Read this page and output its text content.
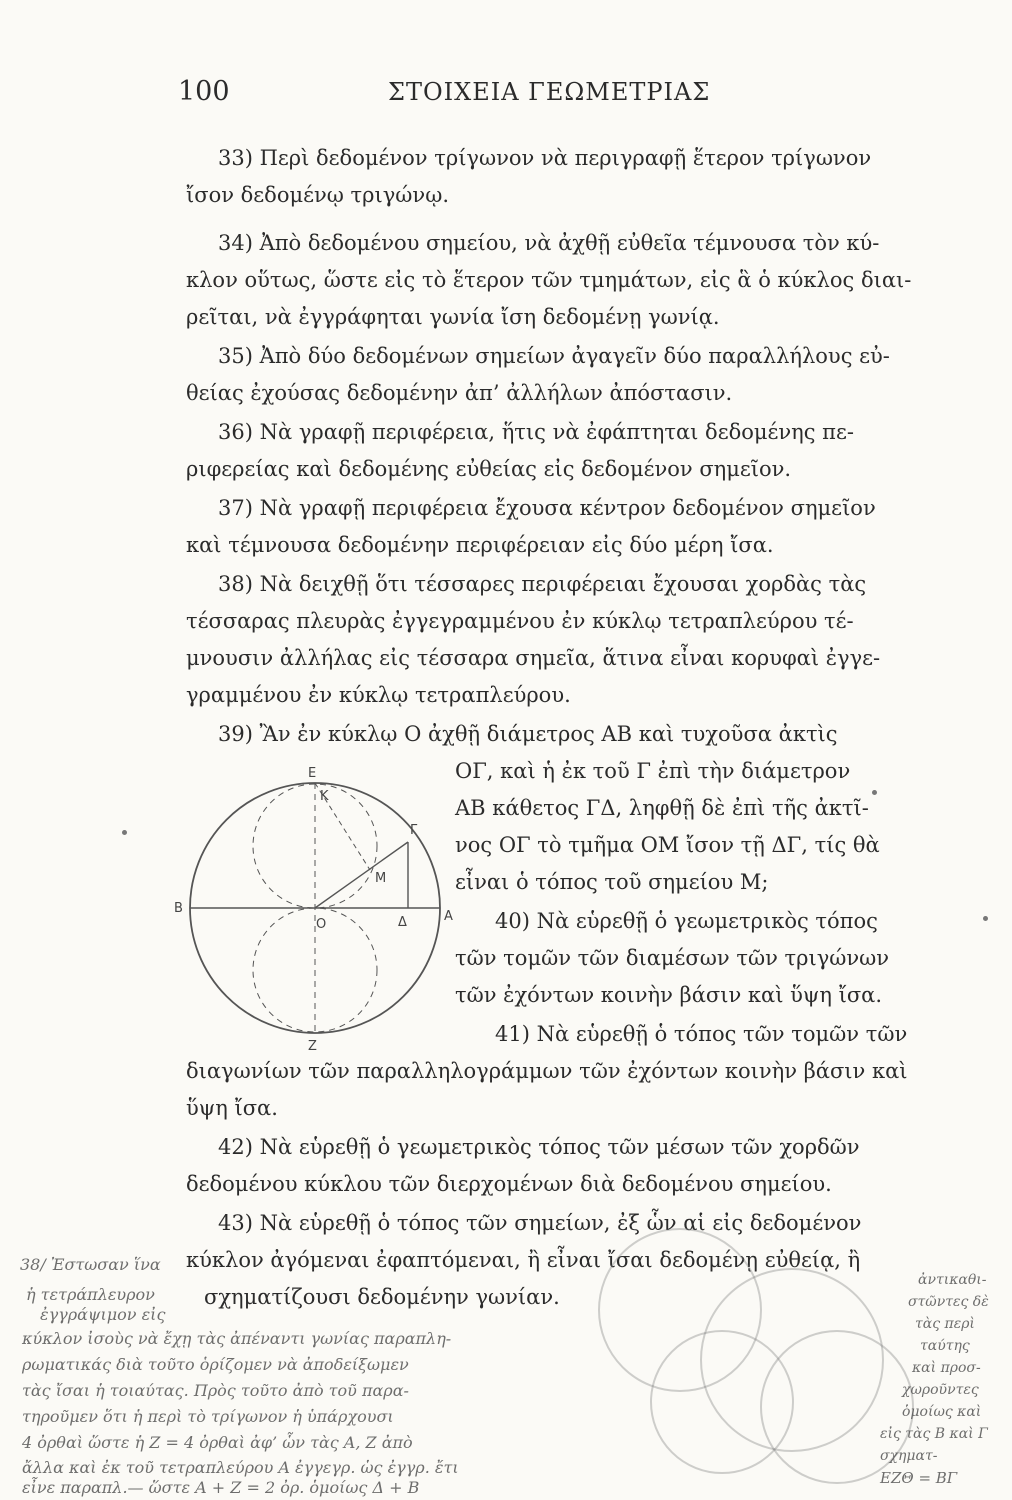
100	ΣΤΟΙΧΕΙΑ ΓΕΩΜΕΤΡΙΑΣ
33) Περὶ δεδομένον τρίγωνον νὰ περιγραφῇ ἕτερον τρίγωνον
ἴσον δεδομένῳ τριγώνῳ.
34) Ἀπὸ δεδομένου σημείου, νὰ ἀχθῇ εὐθεῖα τέμνουσα τὸν κύ-
κλον οὕτως, ὥστε εἰς τὸ ἕτερον τῶν τμημάτων, εἰς ἃ ὁ κύκλος διαι-
ρεῖται, νὰ ἐγγράφηται γωνία ἴση δεδομένῃ γωνίᾳ.
35) Ἀπὸ δύο δεδομένων σημείων ἀγαγεῖν δύο παραλλήλους εὐ-
θείας ἐχούσας δεδομένην ἀπ’ ἀλλήλων ἀπόστασιν.
36) Νὰ γραφῇ περιφέρεια, ἥτις νὰ ἐφάπτηται δεδομένης πε-
ριφερείας καὶ δεδομένης εὐθείας εἰς δεδομένον σημεῖον.
37) Νὰ γραφῇ περιφέρεια ἔχουσα κέντρον δεδομένον σημεῖον
καὶ τέμνουσα δεδομένην περιφέρειαν εἰς δύο μέρη ἴσα.
38) Νὰ δειχθῇ ὅτι τέσσαρες περιφέρειαι ἔχουσαι χορδὰς τὰς
τέσσαρας πλευρὰς ἐγγεγραμμένου ἐν κύκλῳ τετραπλεύρου τέ-
μνουσιν ἀλλήλας εἰς τέσσαρα σημεῖα, ἅτινα εἶναι κορυφαὶ ἐγγε-
γραμμένου ἐν κύκλῳ τετραπλεύρου.
39) Ἂν ἐν κύκλῳ Ο ἀχθῇ διάμετρος ΑΒ καὶ τυχοῦσα ἀκτὶς
ΟΓ, καὶ ἡ ἐκ τοῦ Γ ἐπὶ τὴν διάμετρον
ΑΒ κάθετος ΓΔ, ληφθῇ δὲ ἐπὶ τῆς ἀκτῖ-
νος ΟΓ τὸ τμῆμα ΟΜ ἴσον τῇ ΔΓ, τίς θὰ
εἶναι ὁ τόπος τοῦ σημείου Μ;
40) Νὰ εὑρεθῇ ὁ γεωμετρικὸς τόπος
τῶν τομῶν τῶν διαμέσων τῶν τριγώνων
τῶν ἐχόντων κοινὴν βάσιν καὶ ὕψη ἴσα.
41) Νὰ εὑρεθῇ ὁ τόπος τῶν τομῶν τῶν
διαγωνίων τῶν παραλληλογράμμων τῶν ἐχόντων κοινὴν βάσιν καὶ
ὕψη ἴσα.
42) Νὰ εὑρεθῇ ὁ γεωμετρικὸς τόπος τῶν μέσων τῶν χορδῶν
δεδομένου κύκλου τῶν διερχομένων διὰ δεδομένου σημείου.
43) Νὰ εὑρεθῇ ὁ τόπος τῶν σημείων, ἐξ ὧν αἱ εἰς δεδομένον
κύκλον ἀγόμεναι ἐφαπτόμεναι, ἢ εἶναι ἴσαι δεδομένῃ εὐθείᾳ, ἢ
σχηματίζουσι δεδομένην γωνίαν.
E
K
Γ
M
B
O	Δ	A
Z
38/ Ἐστωσαν ἵνα
ἡ τετράπλευρον
ἐγγράψιμον εἰς
κύκλον ἰσοὺς νὰ ἔχῃ τὰς ἀπέναντι γωνίας παραπλη-
ρωματικάς διὰ τοῦτο ὁρίζομεν νὰ ἀποδείξωμεν
τὰς ἴσαι ἡ τοιαύτας. Πρὸς τοῦτο ἀπὸ τοῦ παρα-
τηροῦμεν ὅτι ἡ περὶ τὸ τρίγωνον ἡ ὑπάρχουσι
4 ὀρθαὶ ὥστε ἡ Ζ = 4 ὀρθαὶ ἀφ’ ὧν τὰς Α, Ζ ἀπὸ
ἄλλα καὶ ἐκ τοῦ τετραπλεύρου Α ἐγγεγρ. ὡς ἐγγρ. ἔτι
εἶνε παραπλ.— ὥστε Α + Ζ = 2 ὀρ. ὁμοίως Δ + Β
ἀντικαθι-
στῶντες δὲ
τὰς περὶ
ταύτης
καὶ προσ-
χωροῦντες
ὁμοίως καὶ
εἰς τὰς Β καὶ Γ
σχηματ-
ΕΖΘ = ΒΓ
